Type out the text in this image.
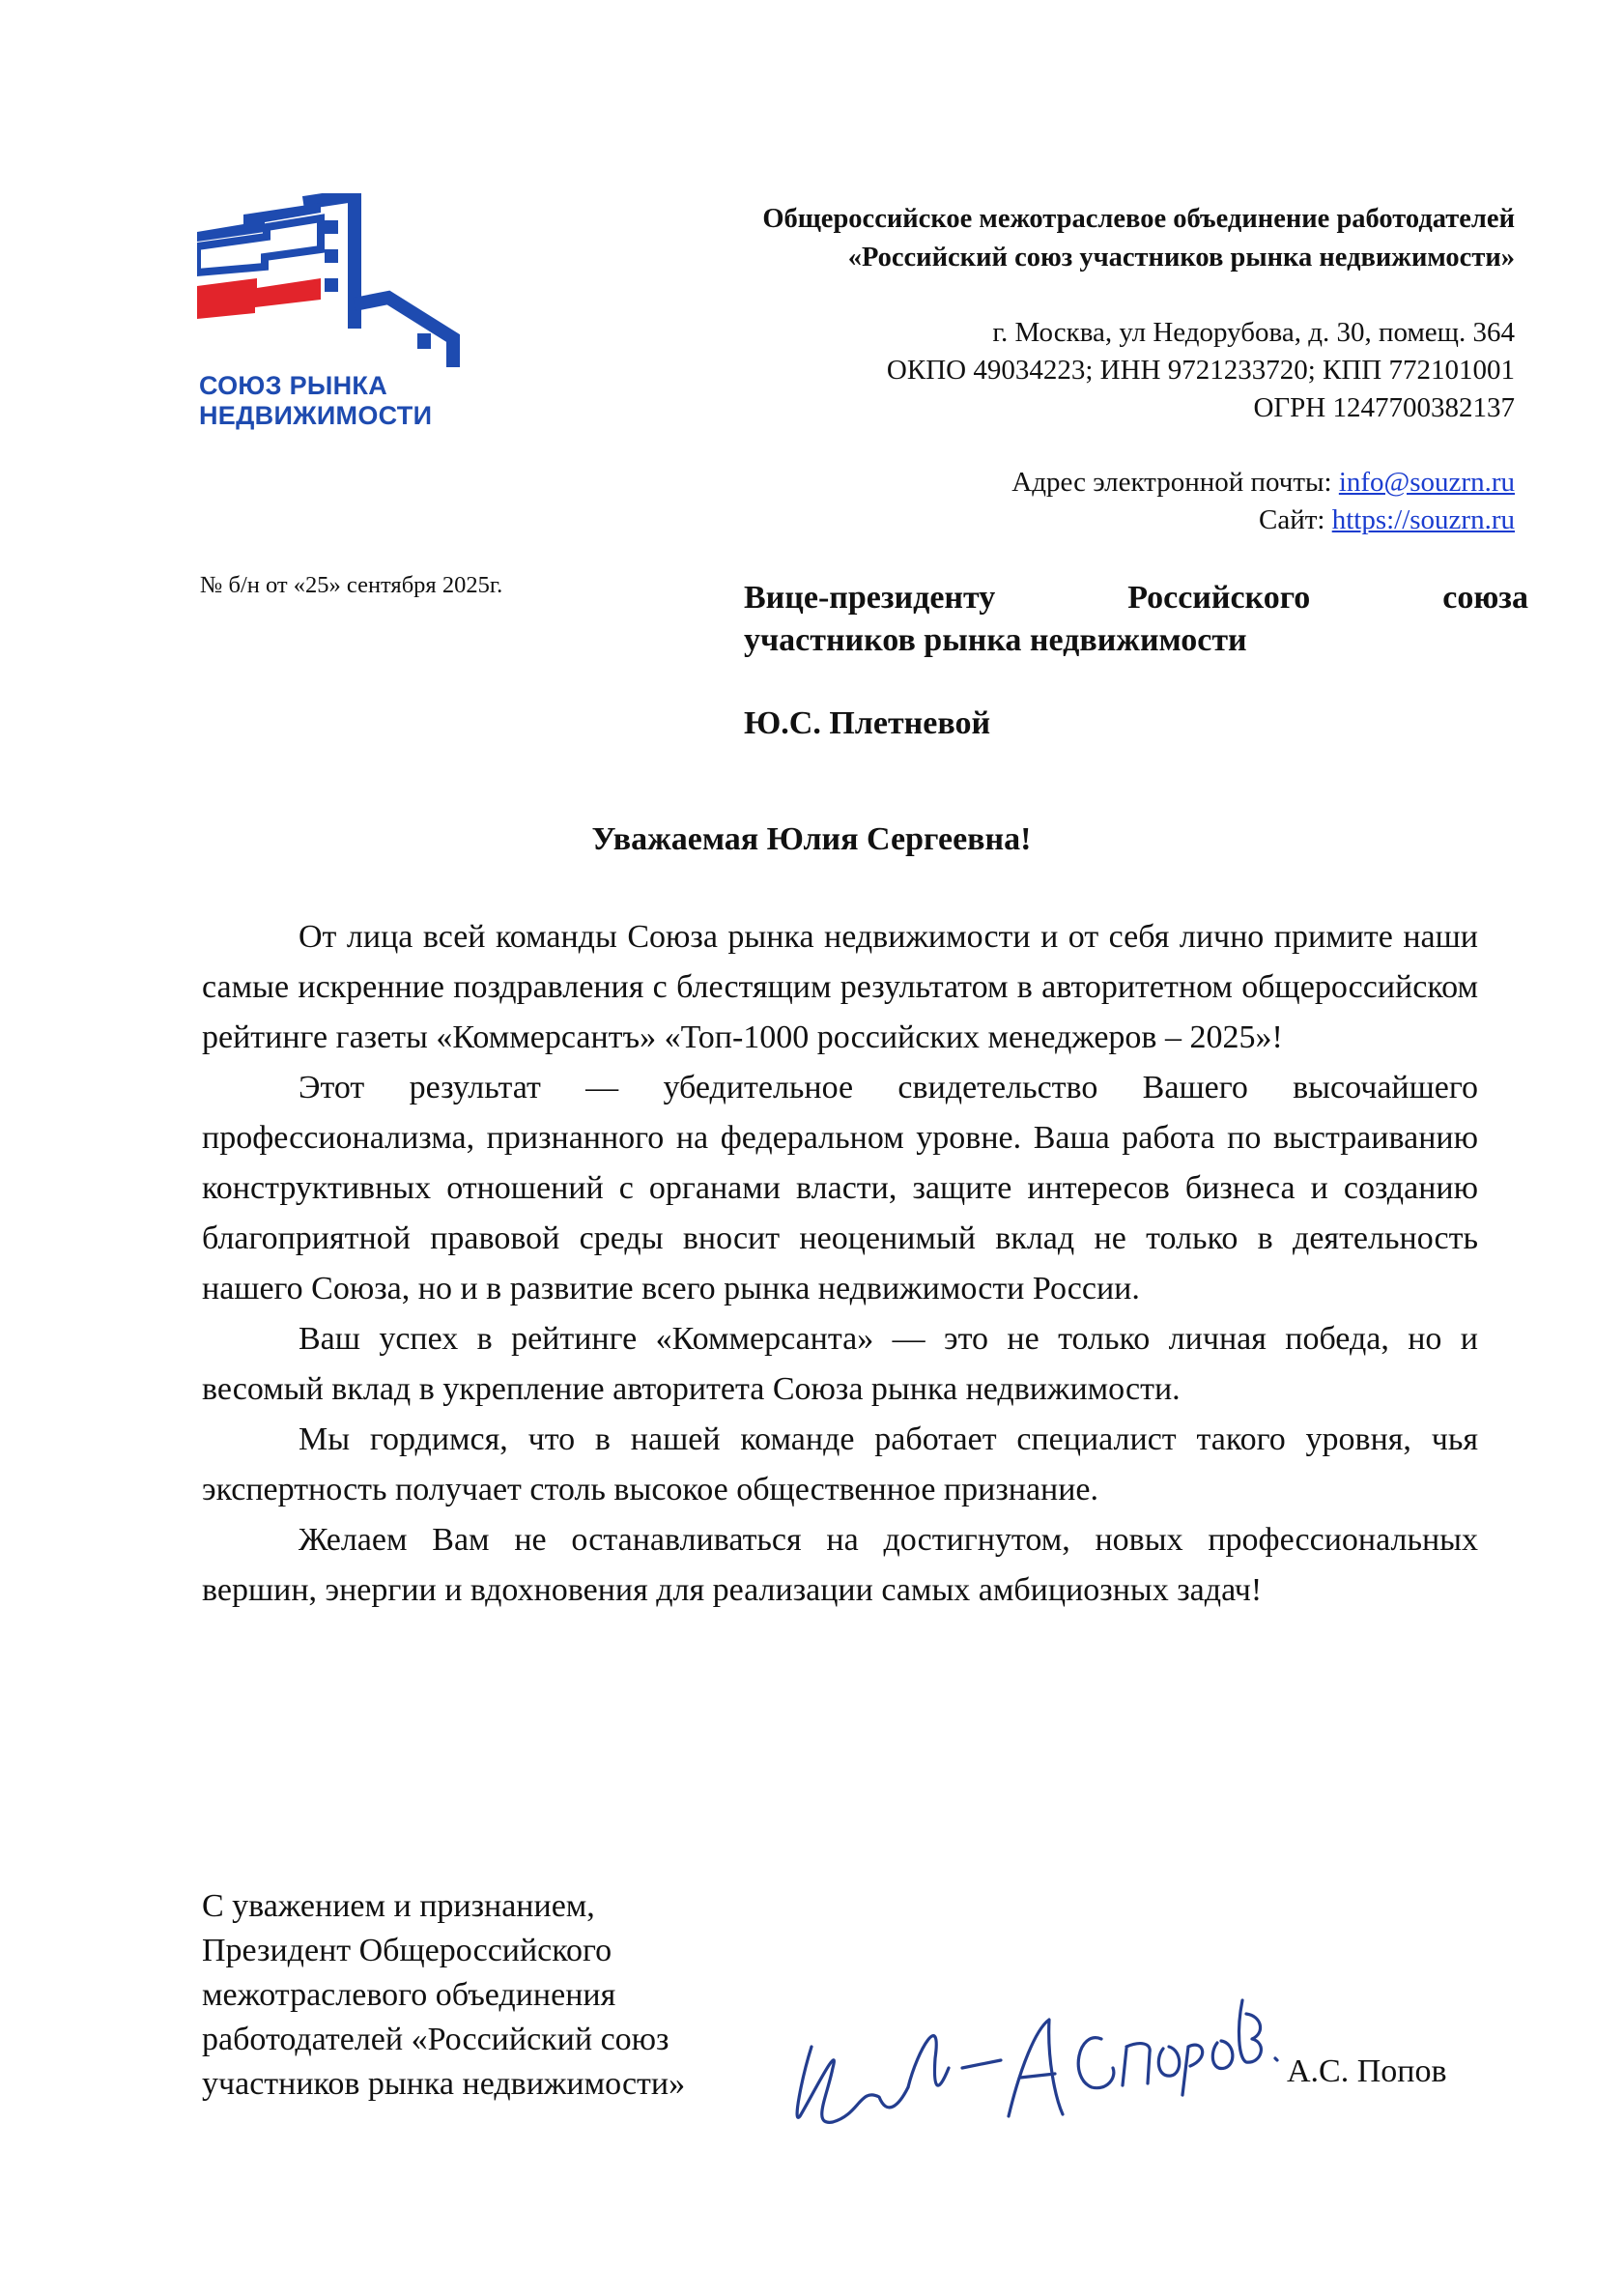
СОЮЗ РЫНКА
НЕДВИЖИМОСТИ
Общероссийское межотраслевое объединение работодателей
«Российский союз участников рынка недвижимости»
г. Москва, ул Недорубова, д. 30, помещ. 364
ОКПО 49034223; ИНН 9721233720; КПП 772101001
ОГРН 1247700382137
Адрес электронной почты: info@souzrn.ru
Сайт: https://souzrn.ru
№ б/н от «25» сентября 2025г.	Вице-президенту	Российского	союза
участников рынка недвижимости
Ю.С. Плетневой
Уважаемая Юлия Сергеевна!

От лица всей команды Союза рынка недвижимости и от себя лично примите наши самые искренние поздравления с блестящим результатом в авторитетном общероссийском рейтинге газеты «Коммерсантъ» «Топ-1000 российских менеджеров – 2025»!

Этот результат — убедительное свидетельство Вашего высочайшего профессионализма, признанного на федеральном уровне. Ваша работа по выстраиванию конструктивных отношений с органами власти, защите интересов бизнеса и созданию благоприятной правовой среды вносит неоценимый вклад не только в деятельность нашего Союза, но и в развитие всего рынка недвижимости России.

Ваш успех в рейтинге «Коммерсанта» — это не только личная победа, но и весомый вклад в укрепление авторитета Союза рынка недвижимости.

Мы гордимся, что в нашей команде работает специалист такого уровня, чья экспертность получает столь высокое общественное признание.

Желаем Вам не останавливаться на достигнутом, новых профессиональных вершин, энергии и вдохновения для реализации самых амбициозных задач!

С уважением и признанием,
Президент Общероссийского
межотраслевого объединения
работодателей «Российский союз
участников рынка недвижимости»	А.С. Попов
